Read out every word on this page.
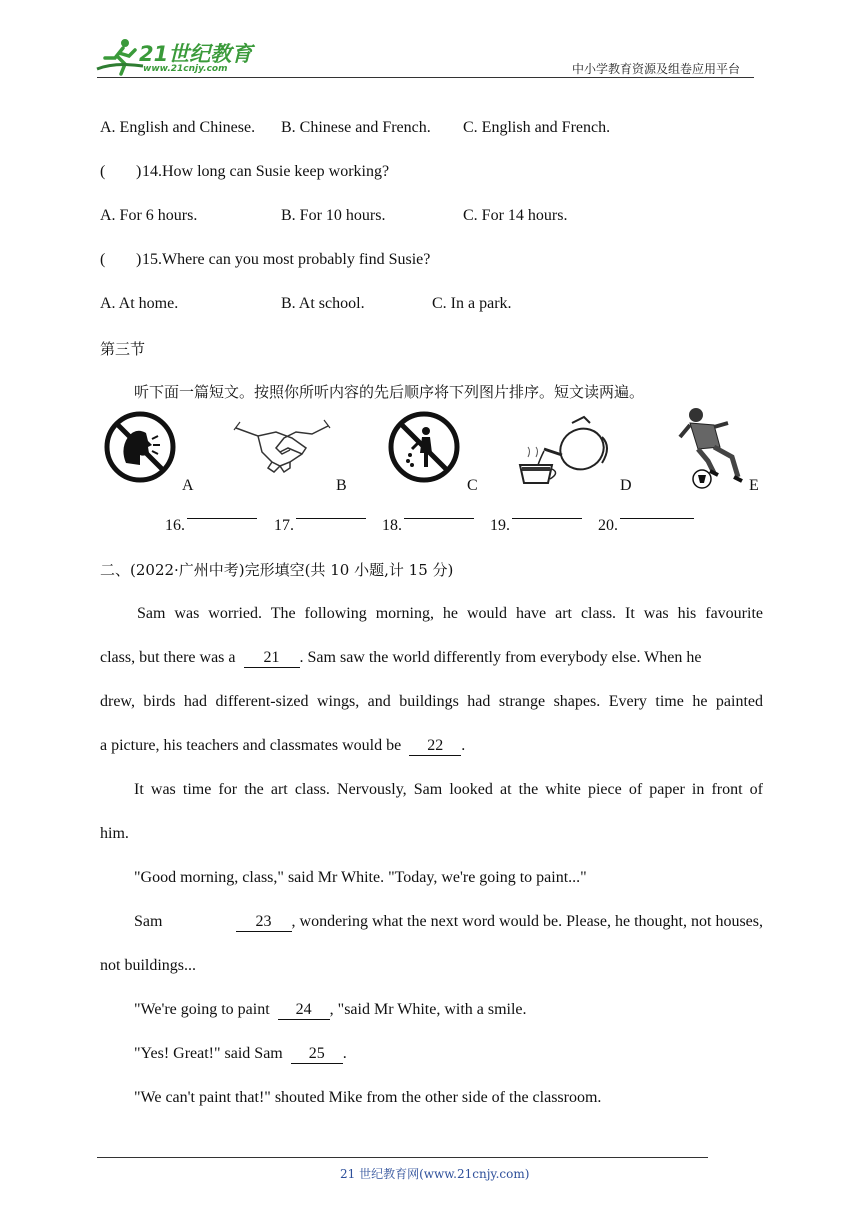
21世纪教育
www.21cnjy.com	中小学教育资源及组卷应用平台
A. English and Chinese. B. Chinese and French. C. English and French.
( ) 14.How long can Susie keep working?
A. For 6 hours.	B. For 10 hours.	C. For 14 hours.
( ) 15.Where can you most probably find Susie?
A. At home.	B. At school.	C. In a park.
第三节
听下面一篇短文。按照你所听内容的先后顺序将下列图片排序。短文读两遍。
A	B	C	D	E
16.	17.	18.	19.	20.
二、(2022·广州中考)完形填空(共 10 小题,计 15 分)
Sam was worried. The following morning, he would have art class. It was his favourite
class, but there was a 21 . Sam saw the world differently from everybody else. When he
drew, birds had different-sized wings, and buildings had strange shapes. Every time he painted
a picture, his teachers and classmates would be 22 .
It was time for the art class. Nervously, Sam looked at the white piece of paper in front of
him.
"Good morning, class," said Mr White. "Today, we're going to paint..."
Sam	23 , wondering what the next word would be. Please, he thought, not houses,
not buildings...
"We're going to paint 24 , "said Mr White, with a smile.
"Yes! Great!" said Sam 25 .
"We can't paint that!" shouted Mike from the other side of the classroom.
21 世纪教育网(www.21cnjy.com)
